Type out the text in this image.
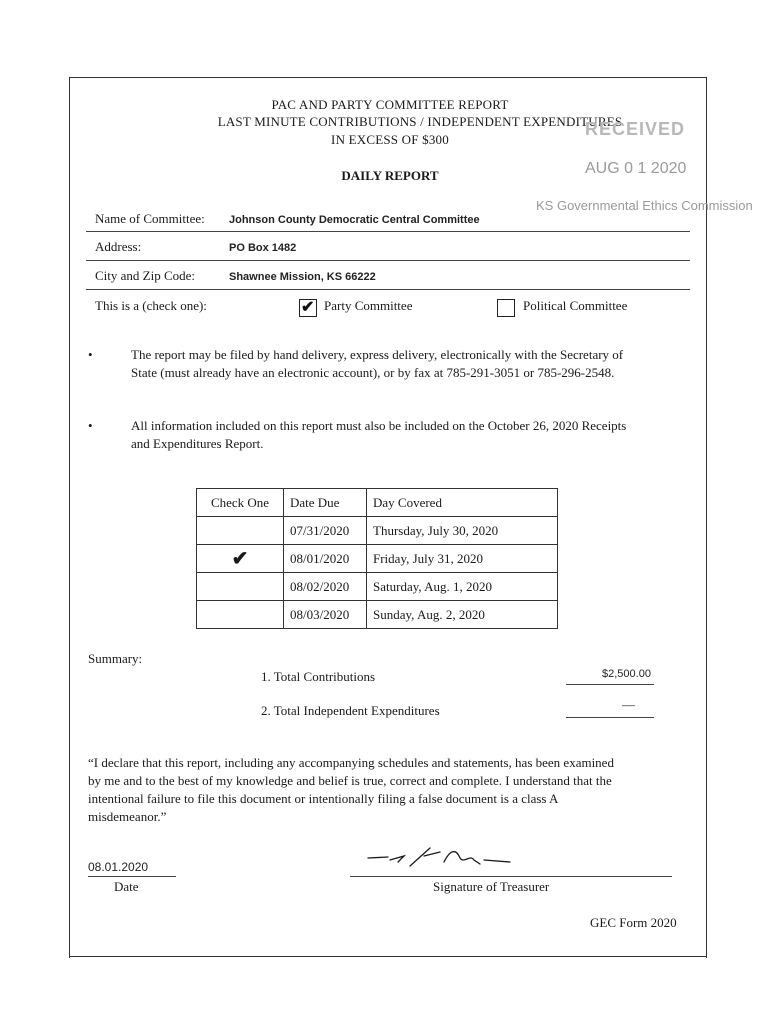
PAC AND PARTY COMMITTEE REPORT
LAST MINUTE CONTRIBUTIONS / INDEPENDENT EXPENDITURES
IN EXCESS OF $300
DAILY REPORT
RECEIVED
AUG 0 1 2020
KS Governmental Ethics Commission
Name of Committee: Johnson County Democratic Central Committee
Address:	PO Box 1482
City and Zip Code:	Shawnee Mission, KS 66222
This is a (check one):	✔ Party Committee	Political Committee
•	The report may be filed by hand delivery, express delivery, electronically with the Secretary of
State (must already have an electronic account), or by fax at 785-291-3051 or 785-296-2548.
•	All information included on this report must also be included on the October 26, 2020 Receipts
and Expenditures Report.
Check One	Date Due	Day Covered
	07/31/2020	Thursday, July 30, 2020
✔	08/01/2020	Friday, July 31, 2020
	08/02/2020	Saturday, Aug. 1, 2020
	08/03/2020	Sunday, Aug. 2, 2020
Summary:
1. Total Contributions	$2,500.00
2. Total Independent Expenditures	—
“I declare that this report, including any accompanying schedules and statements, has been examined
by me and to the best of my knowledge and belief is true, correct and complete. I understand that the
intentional failure to file this document or intentionally filing a false document is a class A
misdemeanor.”
08.01.2020
Date	Signature of Treasurer
GEC Form 2020
